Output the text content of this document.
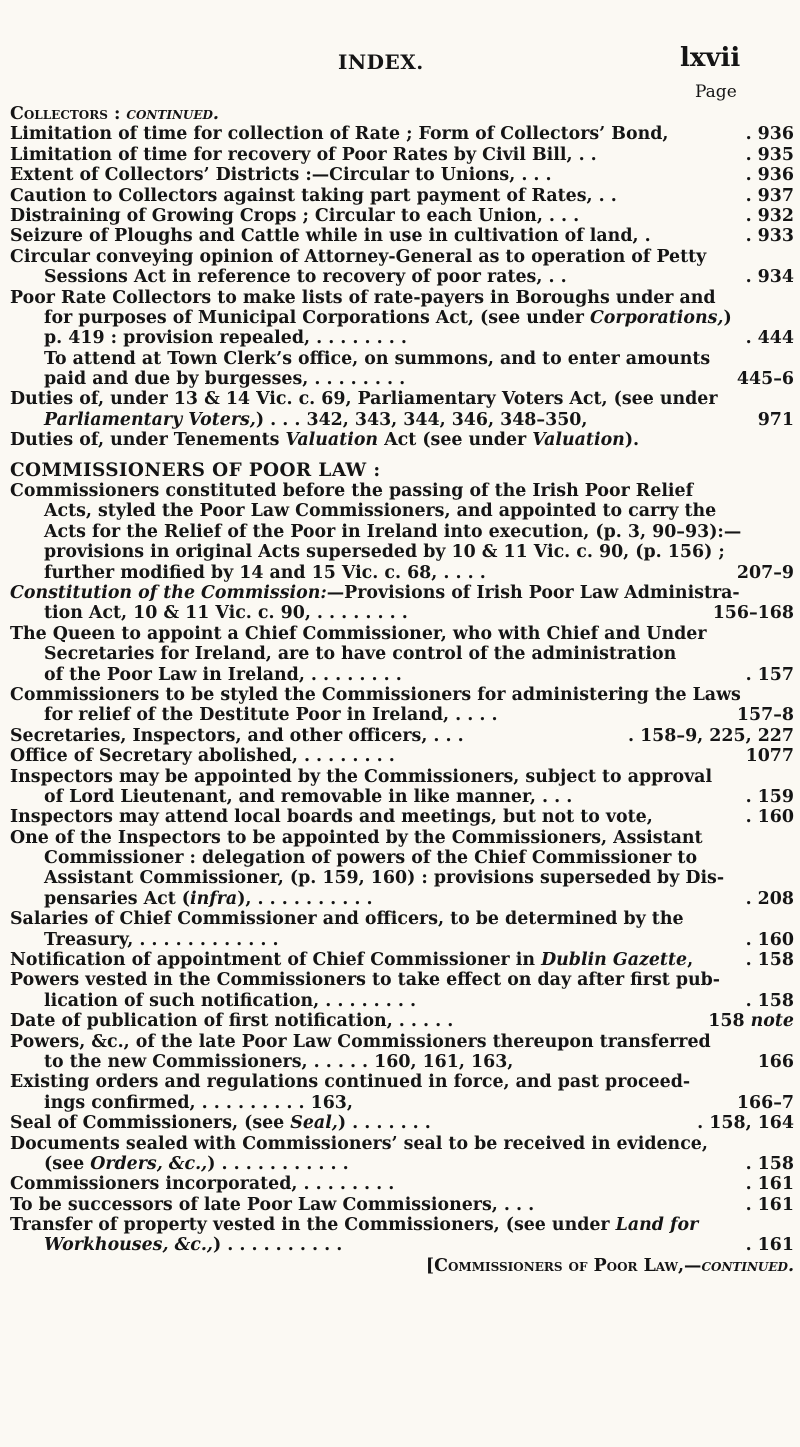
INDEX.	lxvii
Page
Collectors : continued.
Limitation of time for collection of Rate ; Form of Collectors’ Bond,	. 936
Limitation of time for recovery of Poor Rates by Civil Bill, . .	. 935
Extent of Collectors’ Districts :—Circular to Unions, . . .	. 936
Caution to Collectors against taking part payment of Rates, . .	. 937
Distraining of Growing Crops ; Circular to each Union, . . .	. 932
Seizure of Ploughs and Cattle while in use in cultivation of land, .	. 933
Circular conveying opinion of Attorney-General as to operation of Petty
Sessions Act in reference to recovery of poor rates, . .	. 934
Poor Rate Collectors to make lists of rate-payers in Boroughs under and
for purposes of Municipal Corporations Act, (see under Corporations,)
p. 419 : provision repealed, . . . . . . . .	. 444
To attend at Town Clerk’s office, on summons, and to enter amounts
paid and due by burgesses, . . . . . . . .	445–6
Duties of, under 13 & 14 Vic. c. 69, Parliamentary Voters Act, (see under
Parliamentary Voters,) . . . 342, 343, 344, 346, 348–350,	971
Duties of, under Tenements Valuation Act (see under Valuation).
COMMISSIONERS OF POOR LAW :
Commissioners constituted before the passing of the Irish Poor Relief
Acts, styled the Poor Law Commissioners, and appointed to carry the
Acts for the Relief of the Poor in Ireland into execution, (p. 3, 90–93):—
provisions in original Acts superseded by 10 & 11 Vic. c. 90, (p. 156) ;
further modified by 14 and 15 Vic. c. 68, . . . .	207–9
Constitution of the Commission:—Provisions of Irish Poor Law Administra-
tion Act, 10 & 11 Vic. c. 90, . . . . . . . .	156–168
The Queen to appoint a Chief Commissioner, who with Chief and Under
Secretaries for Ireland, are to have control of the administration
of the Poor Law in Ireland, . . . . . . . .	. 157
Commissioners to be styled the Commissioners for administering the Laws
for relief of the Destitute Poor in Ireland, . . . .	157–8
Secretaries, Inspectors, and other officers, . . .	. 158–9, 225, 227
Office of Secretary abolished, . . . . . . . .	1077
Inspectors may be appointed by the Commissioners, subject to approval
of Lord Lieutenant, and removable in like manner, . . .	. 159
Inspectors may attend local boards and meetings, but not to vote,	. 160
One of the Inspectors to be appointed by the Commissioners, Assistant
Commissioner : delegation of powers of the Chief Commissioner to
Assistant Commissioner, (p. 159, 160) : provisions superseded by Dis-
pensaries Act (infra), . . . . . . . . . .	. 208
Salaries of Chief Commissioner and officers, to be determined by the
Treasury, . . . . . . . . . . . .	. 160
Notification of appointment of Chief Commissioner in Dublin Gazette,	. 158
Powers vested in the Commissioners to take effect on day after first pub-
lication of such notification, . . . . . . . .	. 158
Date of publication of first notification, . . . . .	158 note
Powers, &c., of the late Poor Law Commissioners thereupon transferred
to the new Commissioners, . . . . . 160, 161, 163,	166
Existing orders and regulations continued in force, and past proceed-
ings confirmed, . . . . . . . . . 163,	166–7
Seal of Commissioners, (see Seal,) . . . . . . .	. 158, 164
Documents sealed with Commissioners’ seal to be received in evidence,
(see Orders, &c.,) . . . . . . . . . . .	. 158
Commissioners incorporated, . . . . . . . .	. 161
To be successors of late Poor Law Commissioners, . . .	. 161
Transfer of property vested in the Commissioners, (see under Land for
Workhouses, &c.,) . . . . . . . . . .	. 161
[Commissioners of Poor Law,—continued.
